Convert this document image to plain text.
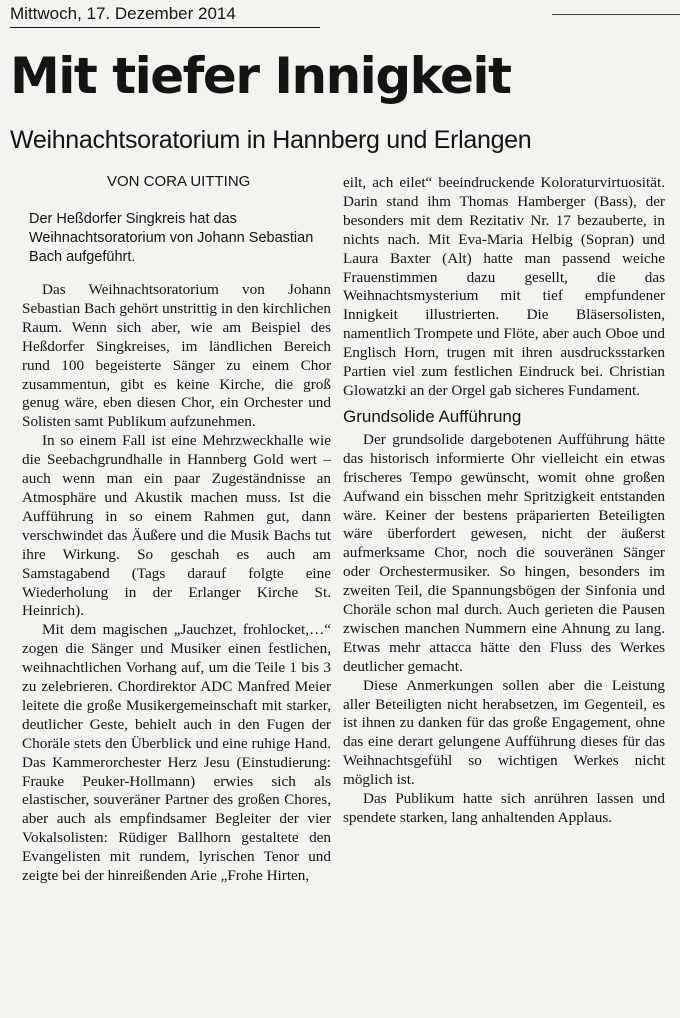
Mittwoch, 17. Dezember 2014
Mit tiefer Innigkeit
Weihnachtsoratorium in Hannberg und Erlangen
VON CORA UITTING

Der Heßdorfer Singkreis hat das Weihnachtsoratorium von Johann Sebastian Bach aufgeführt.

Das Weihnachtsoratorium von Johann Sebastian Bach gehört unstrittig in den kirchlichen Raum. Wenn sich aber, wie am Beispiel des Heßdorfer Singkreises, im ländlichen Bereich rund 100 begeisterte Sänger zu einem Chor zusammentun, gibt es keine Kirche, die groß genug wäre, eben diesen Chor, ein Orchester und Solisten samt Publikum aufzunehmen.

In so einem Fall ist eine Mehrzweckhalle wie die Seebachgrundhalle in Hannberg Gold wert – auch wenn man ein paar Zugeständnisse an Atmosphäre und Akustik machen muss. Ist die Aufführung in so einem Rahmen gut, dann verschwindet das Äußere und die Musik Bachs tut ihre Wirkung. So geschah es auch am Samstagabend (Tags darauf folgte eine Wiederholung in der Erlanger Kirche St. Heinrich).

Mit dem magischen „Jauchzet, frohlocket,…“ zogen die Sänger und Musiker einen festlichen, weihnachtlichen Vorhang auf, um die Teile 1 bis 3 zu zelebrieren. Chordirektor ADC Manfred Meier leitete die große Musikergemeinschaft mit starker, deutlicher Geste, behielt auch in den Fugen der Choräle stets den Überblick und eine ruhige Hand. Das Kammerorchester Herz Jesu (Einstudierung: Frauke Peuker-Hollmann) erwies sich als elastischer, souveräner Partner des großen Chores, aber auch als empfindsamer Begleiter der vier Vokalsolisten: Rüdiger Ballhorn gestaltete den Evangelisten mit rundem, lyrischen Tenor und zeigte bei der hinreißenden Arie „Frohe Hirten,

eilt, ach eilet“ beeindruckende Koloraturvirtuosität. Darin stand ihm Thomas Hamberger (Bass), der besonders mit dem Rezitativ Nr. 17 bezauberte, in nichts nach. Mit Eva-Maria Helbig (Sopran) und Laura Baxter (Alt) hatte man passend weiche Frauenstimmen dazu gesellt, die das Weihnachtsmysterium mit tief empfundener Innigkeit illustrierten. Die Bläsersolisten, namentlich Trompete und Flöte, aber auch Oboe und Englisch Horn, trugen mit ihren ausdrucksstarken Partien viel zum festlichen Eindruck bei. Christian Glowatzki an der Orgel gab sicheres Fundament.

Grundsolide Aufführung

Der grundsolide dargebotenen Aufführung hätte das historisch informierte Ohr vielleicht ein etwas frischeres Tempo gewünscht, womit ohne großen Aufwand ein bisschen mehr Spritzigkeit entstanden wäre. Keiner der bestens präparierten Beteiligten wäre überfordert gewesen, nicht der äußerst aufmerksame Chor, noch die souveränen Sänger oder Orchestermusiker. So hingen, besonders im zweiten Teil, die Spannungsbögen der Sinfonia und Choräle schon mal durch. Auch gerieten die Pausen zwischen manchen Nummern eine Ahnung zu lang. Etwas mehr attacca hätte den Fluss des Werkes deutlicher gemacht.

Diese Anmerkungen sollen aber die Leistung aller Beteiligten nicht herabsetzen, im Gegenteil, es ist ihnen zu danken für das große Engagement, ohne das eine derart gelungene Aufführung dieses für das Weihnachtsgefühl so wichtigen Werkes nicht möglich ist.

Das Publikum hatte sich anrühren lassen und spendete starken, lang anhaltenden Applaus.
